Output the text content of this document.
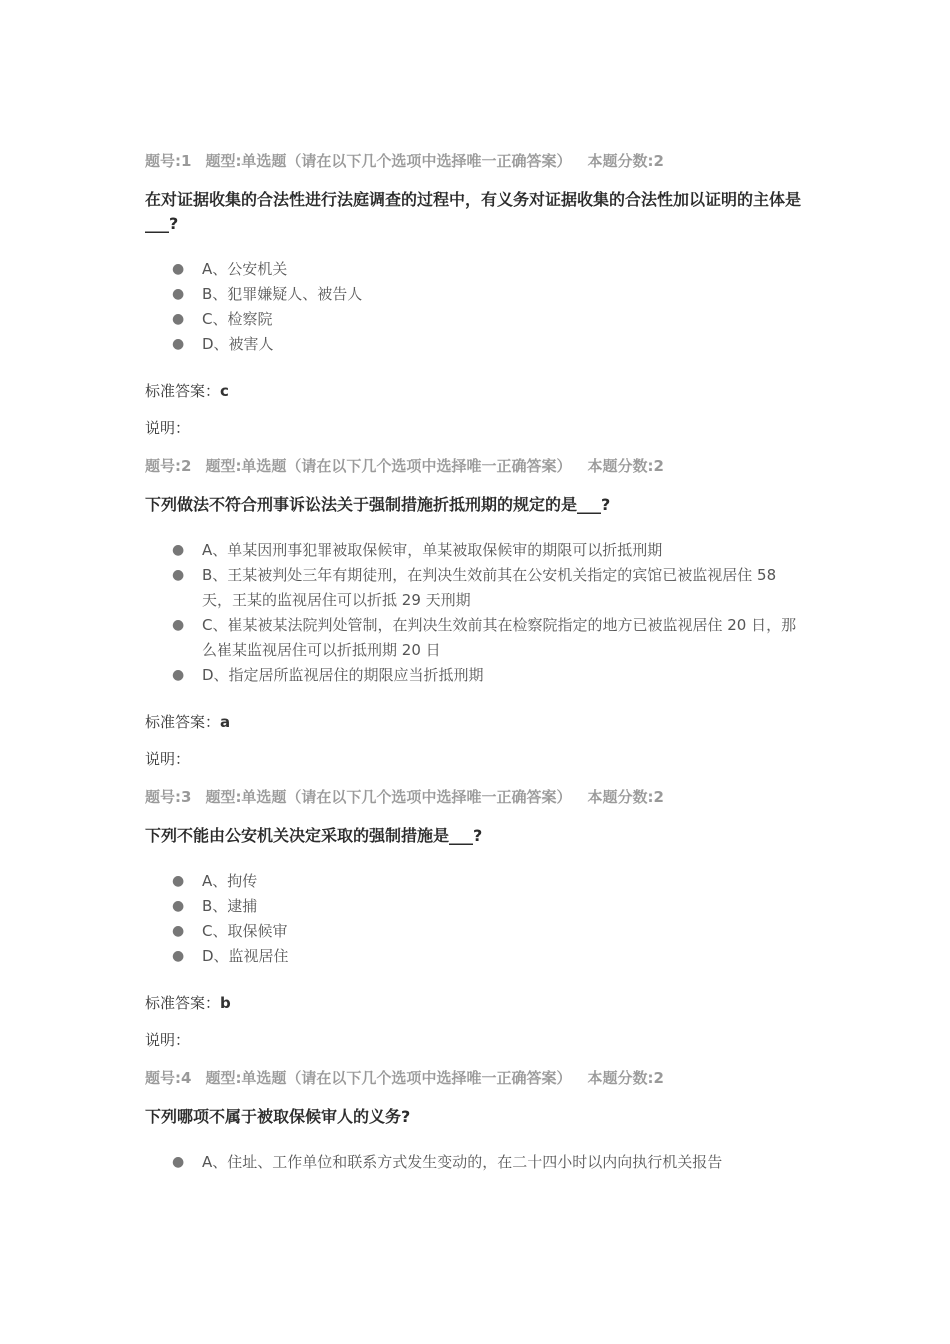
题号:1 题型:单选题（请在以下几个选项中选择唯一正确答案） 本题分数:2
在对证据收集的合法性进行法庭调查的过程中，有义务对证据收集的合法性加以证明的主体是___?
● A、公安机关
● B、犯罪嫌疑人、被告人
● C、检察院
● D、被害人
标准答案：c
说明：
题号:2 题型:单选题（请在以下几个选项中选择唯一正确答案） 本题分数:2
下列做法不符合刑事诉讼法关于强制措施折抵刑期的规定的是___?
● A、单某因刑事犯罪被取保候审，单某被取保候审的期限可以折抵刑期
● B、王某被判处三年有期徒刑，在判决生效前其在公安机关指定的宾馆已被监视居住 58 天，王某的监视居住可以折抵 29 天刑期
● C、崔某被某法院判处管制，在判决生效前其在检察院指定的地方已被监视居住 20 日，那么崔某监视居住可以折抵刑期 20 日
● D、指定居所监视居住的期限应当折抵刑期
标准答案：a
说明：
题号:3 题型:单选题（请在以下几个选项中选择唯一正确答案） 本题分数:2
下列不能由公安机关决定采取的强制措施是___?
● A、拘传
● B、逮捕
● C、取保候审
● D、监视居住
标准答案：b
说明：
题号:4 题型:单选题（请在以下几个选项中选择唯一正确答案） 本题分数:2
下列哪项不属于被取保候审人的义务?
● A、住址、工作单位和联系方式发生变动的，在二十四小时以内向执行机关报告
